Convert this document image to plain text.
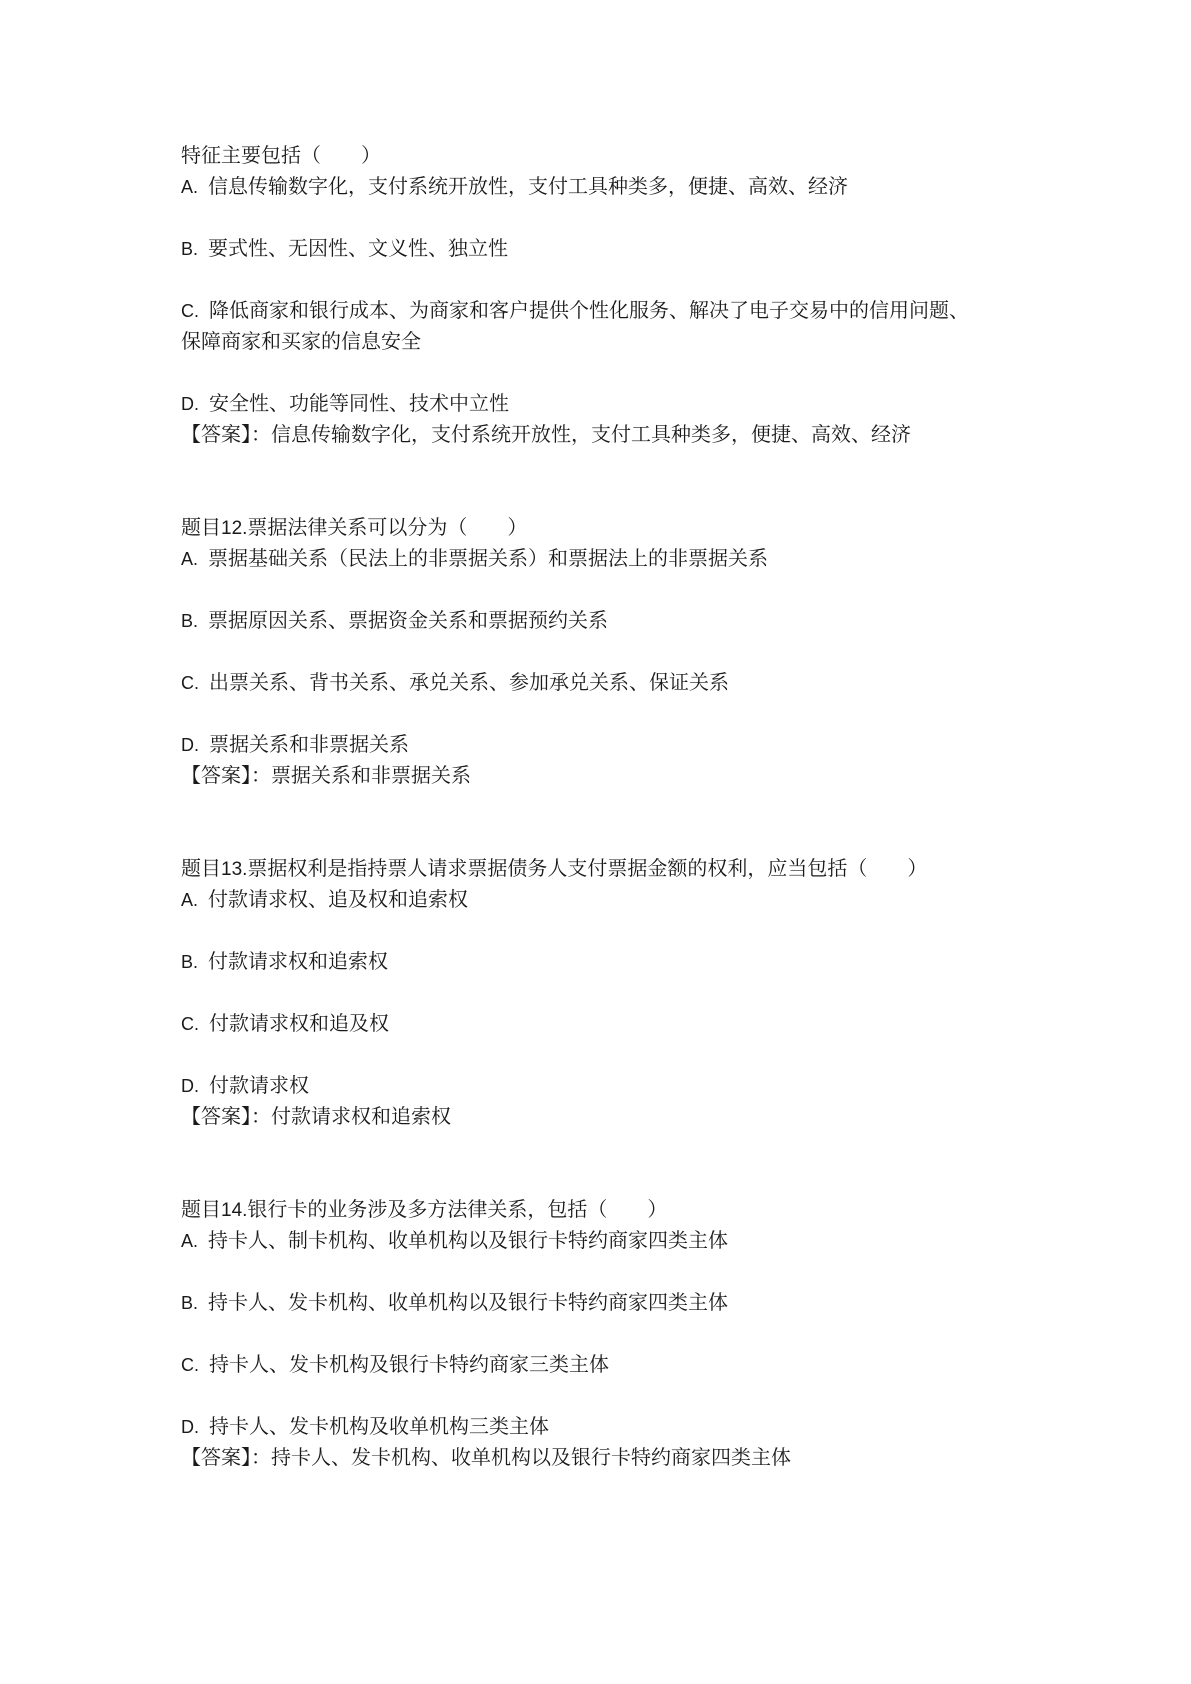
特征主要包括（　　）
A. 信息传输数字化，支付系统开放性，支付工具种类多，便捷、高效、经济
B. 要式性、无因性、文义性、独立性
C. 降低商家和银行成本、为商家和客户提供个性化服务、解决了电子交易中的信用问题、
保障商家和买家的信息安全
D. 安全性、功能等同性、技术中立性
【答案】：信息传输数字化，支付系统开放性，支付工具种类多，便捷、高效、经济
题目12.票据法律关系可以分为（　　）
A. 票据基础关系（民法上的非票据关系）和票据法上的非票据关系
B. 票据原因关系、票据资金关系和票据预约关系
C. 出票关系、背书关系、承兑关系、参加承兑关系、保证关系
D. 票据关系和非票据关系
【答案】：票据关系和非票据关系
题目13.票据权利是指持票人请求票据债务人支付票据金额的权利，应当包括（　　）
A. 付款请求权、追及权和追索权
B. 付款请求权和追索权
C. 付款请求权和追及权
D. 付款请求权
【答案】：付款请求权和追索权
题目14.银行卡的业务涉及多方法律关系，包括（　　）
A. 持卡人、制卡机构、收单机构以及银行卡特约商家四类主体
B. 持卡人、发卡机构、收单机构以及银行卡特约商家四类主体
C. 持卡人、发卡机构及银行卡特约商家三类主体
D. 持卡人、发卡机构及收单机构三类主体
【答案】：持卡人、发卡机构、收单机构以及银行卡特约商家四类主体
